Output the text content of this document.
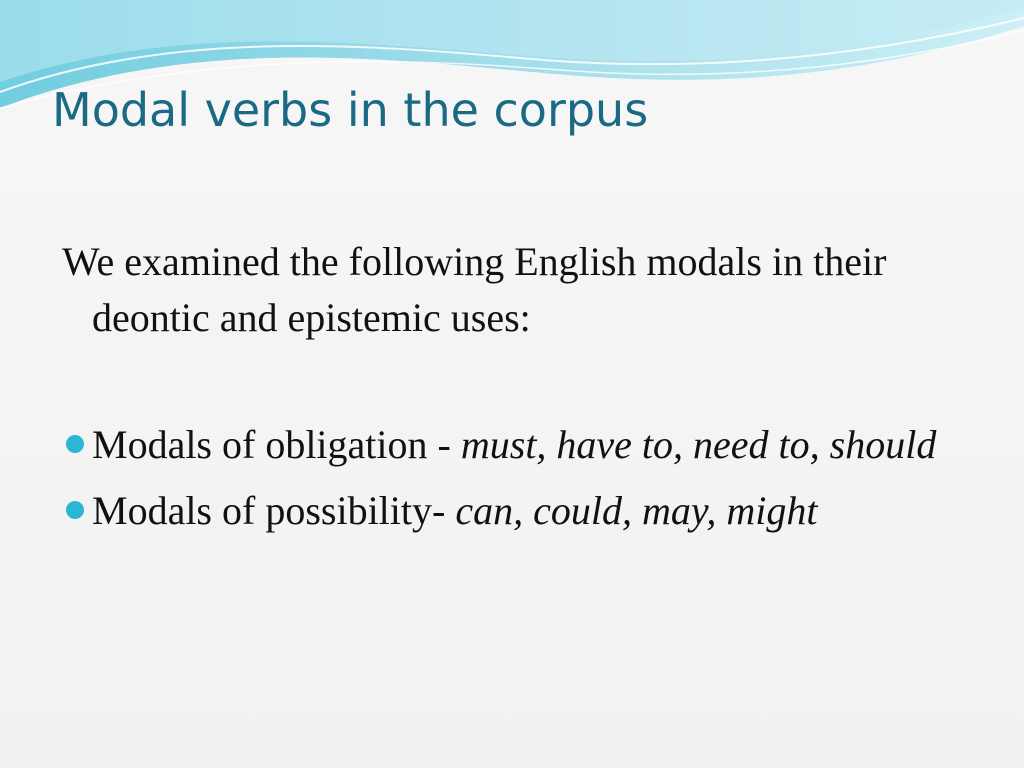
Modal verbs in the corpus

We examined the following English modals in their deontic and epistemic uses:

Modals of obligation - must, have to, need to, should
Modals of possibility- can, could, may, might
